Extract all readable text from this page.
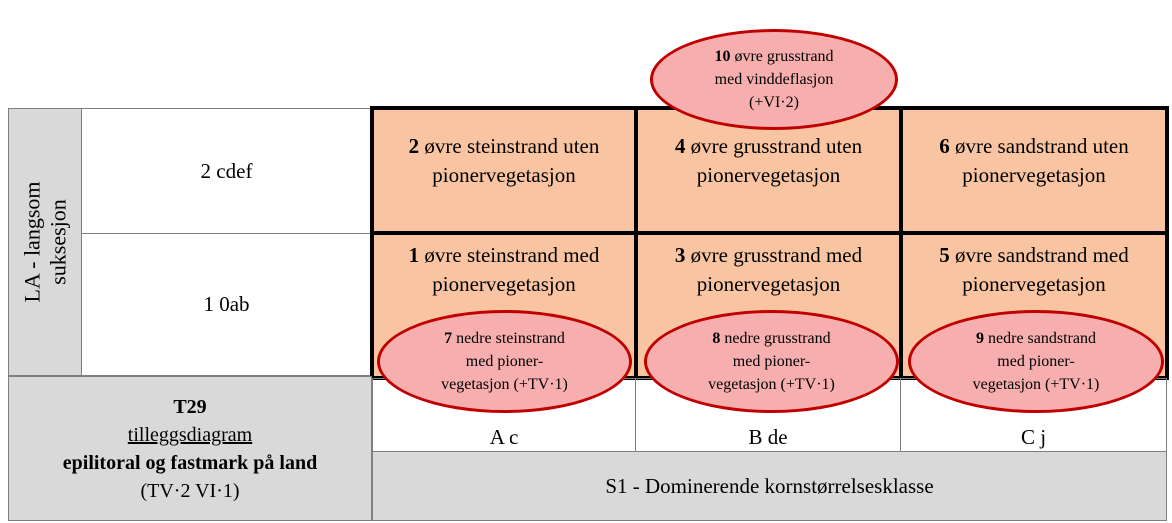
LA - langsom suksesjon
2 cdef
1 0ab
2 øvre steinstrand uten
pionervegetasjon
4 øvre grusstrand uten
pionervegetasjon
6 øvre sandstrand uten
pionervegetasjon
1 øvre steinstrand med
pionervegetasjon
3 øvre grusstrand med
pionervegetasjon
5 øvre sandstrand med
pionervegetasjon
T29
tilleggsdiagram
epilitoral og fastmark på land
(TV·2 VI·1)
A c	B de	C j
S1 - Dominerende kornstørrelsesklasse
10 øvre grusstrand
med vinddeflasjon
(+VI·2)
7 nedre steinstrand
med pioner-
vegetasjon (+TV·1)
8 nedre grusstrand
med pioner-
vegetasjon (+TV·1)
9 nedre sandstrand
med pioner-
vegetasjon (+TV·1)
